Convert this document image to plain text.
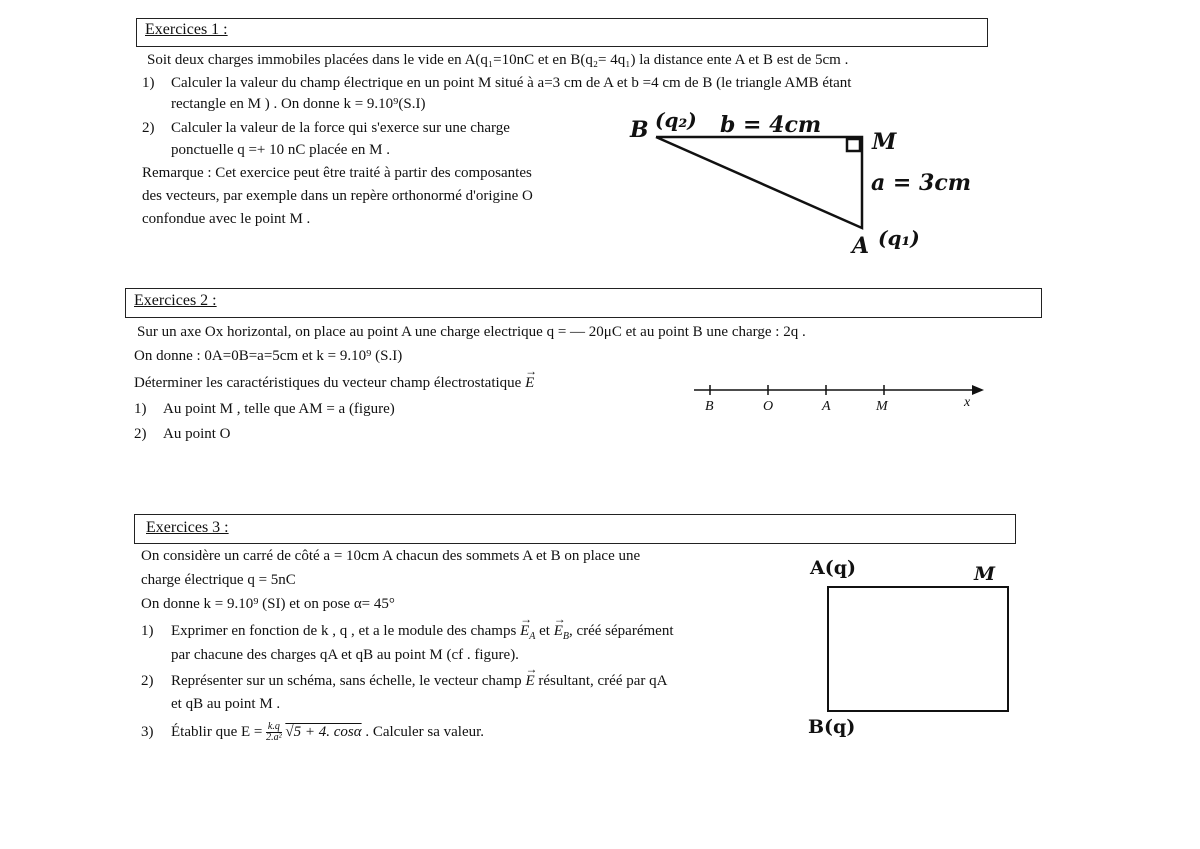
Exercices 1 :
Soit deux charges immobiles placées dans le vide en A(q₁=10nC et en B(q₂= 4q₁) la distance ente A et B est de 5cm .
1) Calculer la valeur du champ électrique en un point M situé à a=3 cm de A et b =4 cm de B (le triangle AMB étant
rectangle en M ) . On donne k = 9.10⁹(S.I)
2) Calculer la valeur de la force qui s'exerce sur une charge
ponctuelle q =+ 10 nC placée en M .
Remarque : Cet exercice peut être traité à partir des composantes
des vecteurs, par exemple dans un repère orthonormé d'origine O
confondue avec le point M .
B (q₂) b = 4cm
M
a = 3cm
A (q₁)
Exercices 2 :
Sur un axe Ox horizontal, on place au point A une charge electrique q = — 20μC et au point B une charge : 2q .
On donne : 0A=0B=a=5cm et k = 9.10⁹ (S.I)
Déterminer les caractéristiques du vecteur champ électrostatique → E
1) Au point M , telle que AM = a (figure)
2) Au point O
B	O	A	M	x
Exercices 3 :
On considère un carré de côté a = 10cm A chacun des sommets A et B on place une
charge électrique q = 5nC
On donne k = 9.10⁹ (SI) et on pose α= 45°
1) Exprimer en fonction de k , q , et a le module des champs → $E_A$ et → $E_B$, créé séparément
par chacune des charges qA et qB au point M (cf . figure).
2) Représenter sur un schéma, sans échelle, le vecteur champ → E résultant, créé par qA
et qB au point M .
3) Établir que $E = \frac{k.q}{\text{2.a²}} √5 + 4$. cosα . Calculer sa valeur.
A(q)	M
B(q)
